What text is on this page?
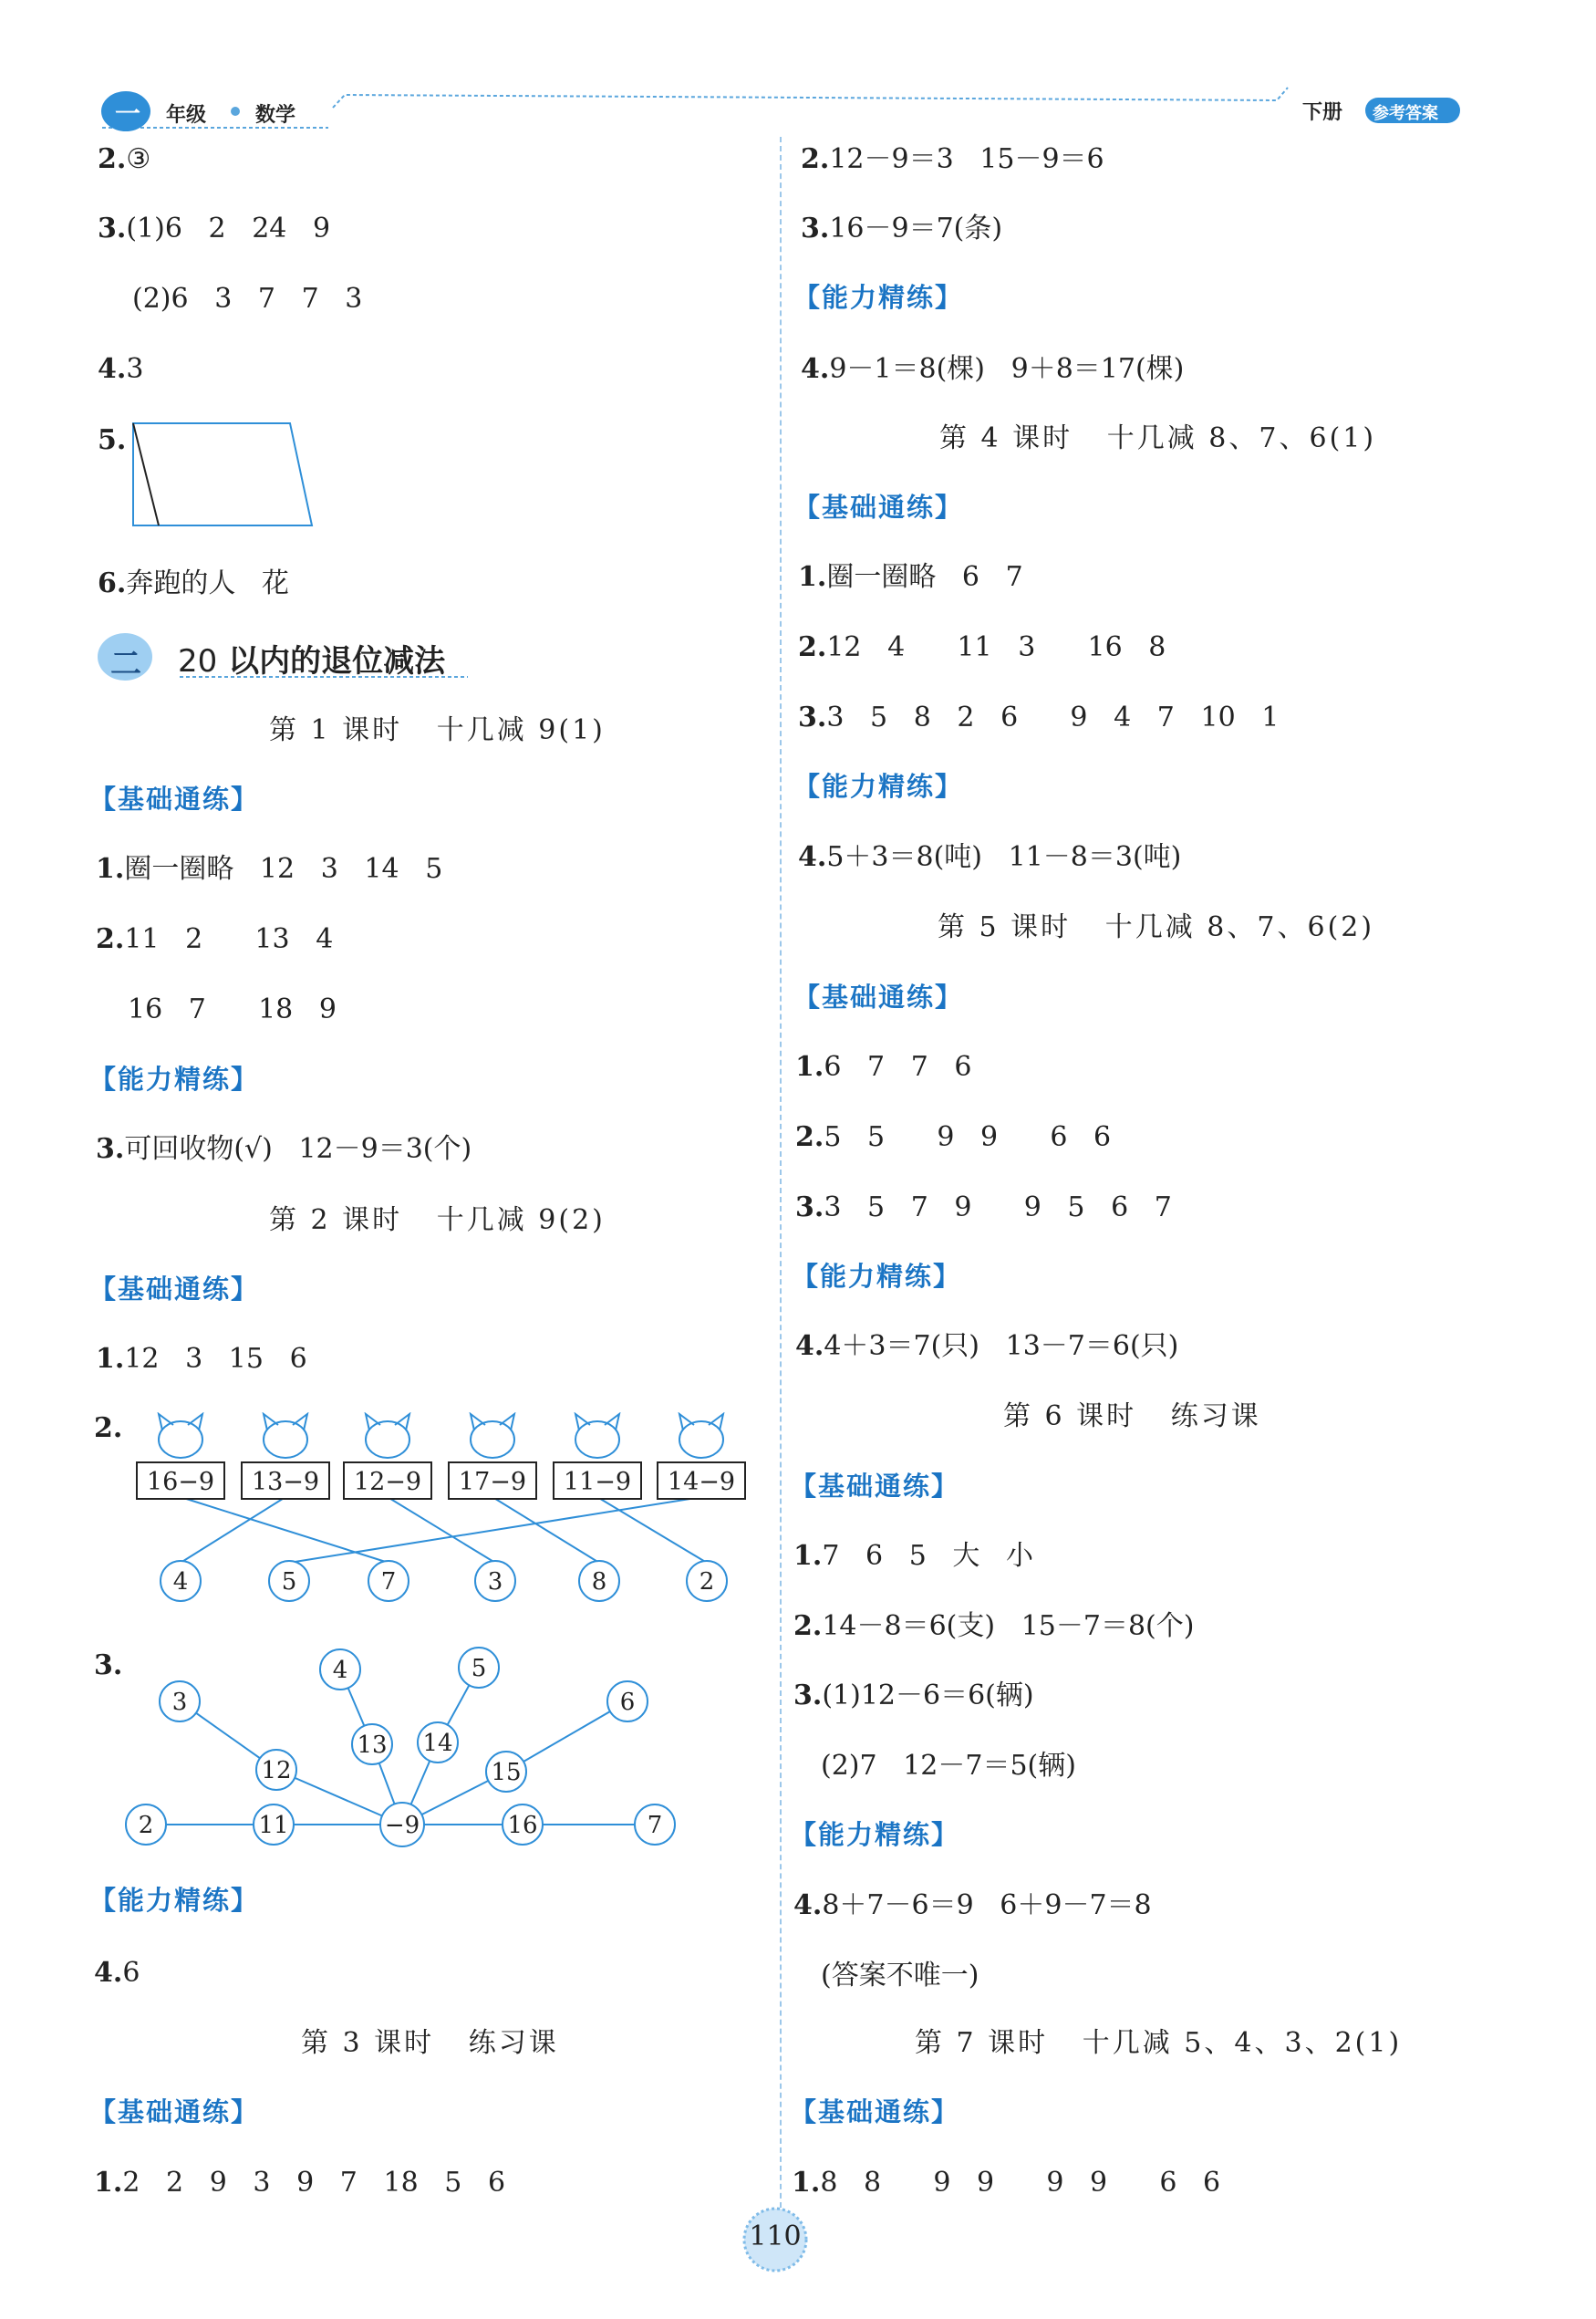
一 年级 数学	下册 参考答案
2.③
3.(1)6   2   24   9
(2)6   3   7   7   3
4.3
5.
6.奔跑的人   花
二 20 以内的退位减法
第 1 课时   十几减 9(1)
【基础通练】
1.圈一圈略   12   3   14   5
2.11   2      13   4
16   7      18   9
【能力精练】
3.可回收物(√)   12－9＝3(个)
第 2 课时   十几减 9(2)
【基础通练】
1.12   3   15   6
2.
16−9 13−9 12−9 17−9 11−9 14−9
4	5	7	3	8	2
3.
−9
12
13 14
15
11	16
3
4	5
6
2	7
【能力精练】
4.6
第 3 课时   练习课
【基础通练】
1.2   2   9   3   9   7   18   5   6
2.12－9＝3   15－9＝6
3.16－9＝7(条)
【能力精练】
4.9－1＝8(棵)   9＋8＝17(棵)
第 4 课时   十几减 8、7、6(1)
【基础通练】
1.圈一圈略   6   7
2.12   4      11   3      16   8
3.3   5   8   2   6      9   4   7   10   1
【能力精练】
4.5＋3＝8(吨)   11－8＝3(吨)
第 5 课时   十几减 8、7、6(2)
【基础通练】
1.6   7   7   6
2.5   5      9   9      6   6
3.3   5   7   9      9   5   6   7
【能力精练】
4.4＋3＝7(只)   13－7＝6(只)
第 6 课时   练习课
【基础通练】
1.7   6   5   大   小
2.14－8＝6(支)   15－7＝8(个)
3.(1)12－6＝6(辆)
(2)7   12－7＝5(辆)
【能力精练】
4.8＋7－6＝9   6＋9－7＝8
(答案不唯一)
第 7 课时   十几减 5、4、3、2(1)
【基础通练】
1.8   8      9   9      9   9      6   6
110
